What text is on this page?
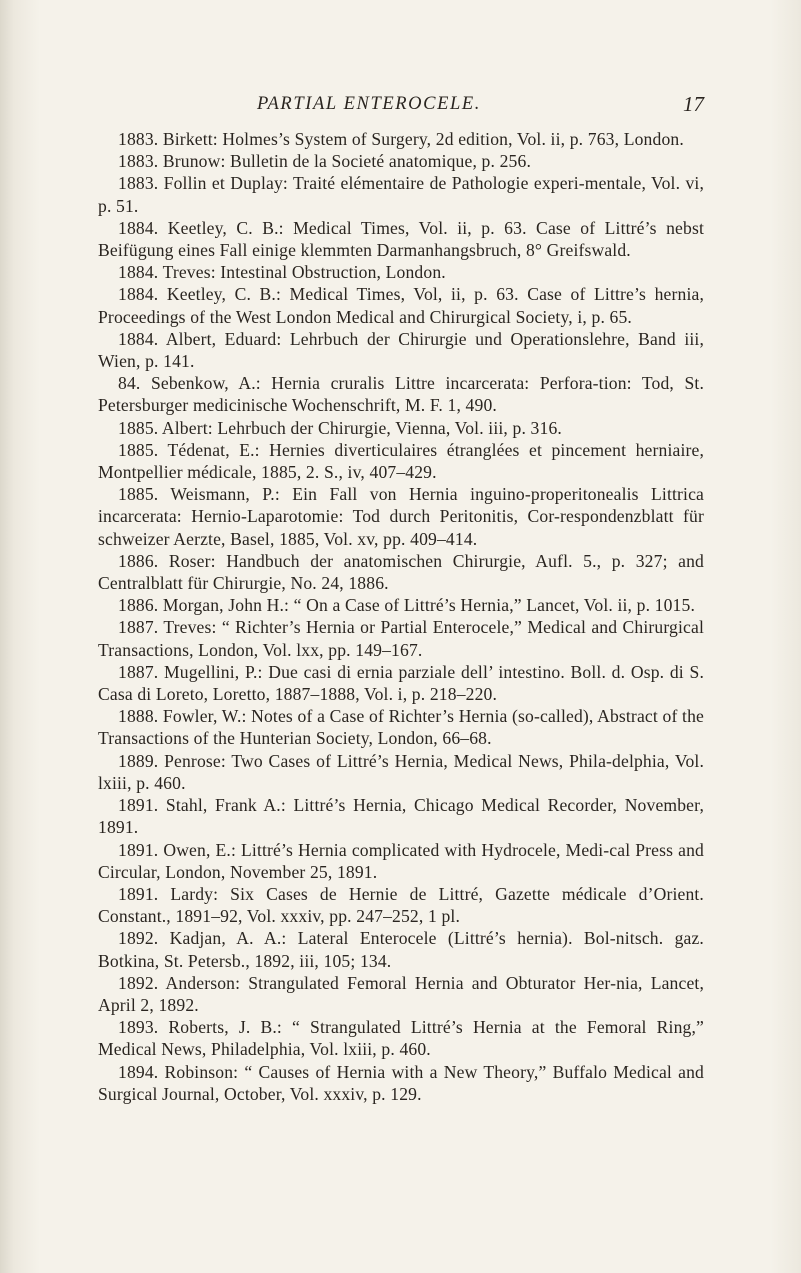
PARTIAL ENTEROCELE.	17

1883. Birkett: Holmes’s System of Surgery, 2d edition, Vol. ii, p. 763, London.

1883. Brunow: Bulletin de la Societé anatomique, p. 256.

1883. Follin et Duplay: Traité elémentaire de Pathologie experi-mentale, Vol. vi, p. 51.

1884. Keetley, C. B.: Medical Times, Vol. ii, p. 63. Case of Littré’s nebst Beifügung eines Fall einige klemmten Darmanhangsbruch, 8° Greifswald.

1884. Treves: Intestinal Obstruction, London.

1884. Keetley, C. B.: Medical Times, Vol, ii, p. 63. Case of Littre’s hernia, Proceedings of the West London Medical and Chirurgical Society, i, p. 65.

1884. Albert, Eduard: Lehrbuch der Chirurgie und Operationslehre, Band iii, Wien, p. 141.

84. Sebenkow, A.: Hernia cruralis Littre incarcerata: Perfora-tion: Tod, St. Petersburger medicinische Wochenschrift, M. F. 1, 490.

1885. Albert: Lehrbuch der Chirurgie, Vienna, Vol. iii, p. 316.

1885. Tédenat, E.: Hernies diverticulaires étranglées et pincement herniaire, Montpellier médicale, 1885, 2. S., iv, 407–429.

1885. Weismann, P.: Ein Fall von Hernia inguino-properitonealis Littrica incarcerata: Hernio-Laparotomie: Tod durch Peritonitis, Cor-respondenzblatt für schweizer Aerzte, Basel, 1885, Vol. xv, pp. 409–414.

1886. Roser: Handbuch der anatomischen Chirurgie, Aufl. 5., p. 327; and Centralblatt für Chirurgie, No. 24, 1886.

1886. Morgan, John H.: “ On a Case of Littré’s Hernia,” Lancet, Vol. ii, p. 1015.

1887. Treves: “ Richter’s Hernia or Partial Enterocele,” Medical and Chirurgical Transactions, London, Vol. lxx, pp. 149–167.

1887. Mugellini, P.: Due casi di ernia parziale dell’ intestino. Boll. d. Osp. di S. Casa di Loreto, Loretto, 1887–1888, Vol. i, p. 218–220.

1888. Fowler, W.: Notes of a Case of Richter’s Hernia (so-called), Abstract of the Transactions of the Hunterian Society, London, 66–68.

1889. Penrose: Two Cases of Littré’s Hernia, Medical News, Phila-delphia, Vol. lxiii, p. 460.

1891. Stahl, Frank A.: Littré’s Hernia, Chicago Medical Recorder, November, 1891.

1891. Owen, E.: Littré’s Hernia complicated with Hydrocele, Medi-cal Press and Circular, London, November 25, 1891.

1891. Lardy: Six Cases de Hernie de Littré, Gazette médicale d’Orient. Constant., 1891–92, Vol. xxxiv, pp. 247–252, 1 pl.

1892. Kadjan, A. A.: Lateral Enterocele (Littré’s hernia). Bol-nitsch. gaz. Botkina, St. Petersb., 1892, iii, 105; 134.

1892. Anderson: Strangulated Femoral Hernia and Obturator Her-nia, Lancet, April 2, 1892.

1893. Roberts, J. B.: “ Strangulated Littré’s Hernia at the Femoral Ring,” Medical News, Philadelphia, Vol. lxiii, p. 460.

1894. Robinson: “ Causes of Hernia with a New Theory,” Buffalo Medical and Surgical Journal, October, Vol. xxxiv, p. 129.
